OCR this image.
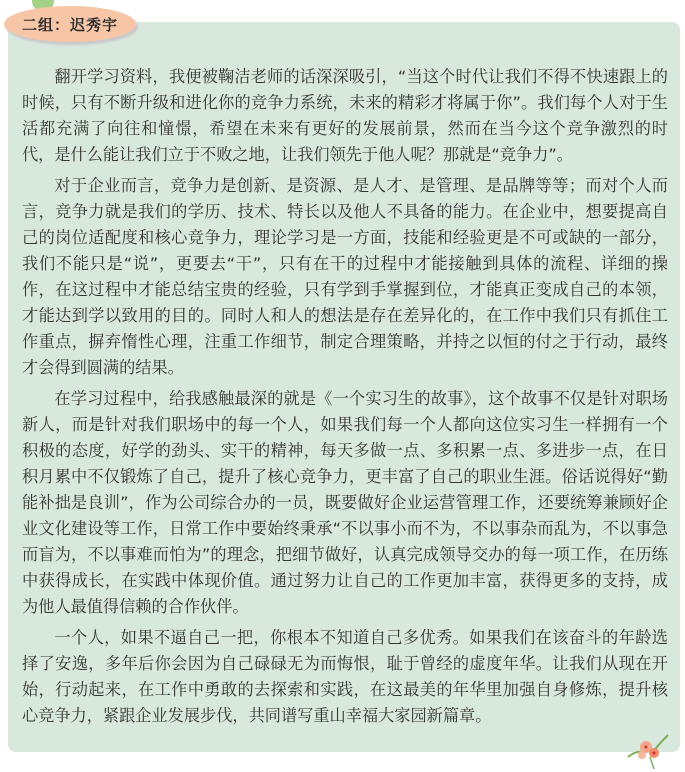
二组：迟秀宇

翻开学习资料，我便被鞠洁老师的话深深吸引，“当这个时代让我们不得不快速跟上的时候，只有不断升级和进化你的竞争力系统，未来的精彩才将属于你”。我们每个人对于生活都充满了向往和憧憬，希望在未来有更好的发展前景，然而在当今这个竞争激烈的时代，是什么能让我们立于不败之地，让我们领先于他人呢？那就是“竞争力”。

对于企业而言，竞争力是创新、是资源、是人才、是管理、是品牌等等；而对个人而言，竞争力就是我们的学历、技术、特长以及他人不具备的能力。在企业中，想要提高自己的岗位适配度和核心竞争力，理论学习是一方面，技能和经验更是不可或缺的一部分，我们不能只是“说”，更要去“干”，只有在干的过程中才能接触到具体的流程、详细的操作，在这过程中才能总结宝贵的经验，只有学到手掌握到位，才能真正变成自己的本领，才能达到学以致用的目的。同时人和人的想法是存在差异化的，在工作中我们只有抓住工作重点，摒弃惰性心理，注重工作细节，制定合理策略，并持之以恒的付之于行动，最终才会得到圆满的结果。

在学习过程中，给我感触最深的就是《一个实习生的故事》，这个故事不仅是针对职场新人，而是针对我们职场中的每一个人，如果我们每一个人都向这位实习生一样拥有一个积极的态度，好学的劲头、实干的精神，每天多做一点、多积累一点、多进步一点，在日积月累中不仅锻炼了自己，提升了核心竞争力，更丰富了自己的职业生涯。俗话说得好“勤能补拙是良训”，作为公司综合办的一员，既要做好企业运营管理工作，还要统筹兼顾好企业文化建设等工作，日常工作中要始终秉承“不以事小而不为，不以事杂而乱为，不以事急而盲为，不以事难而怕为”的理念，把细节做好，认真完成领导交办的每一项工作，在历练中获得成长，在实践中体现价值。通过努力让自己的工作更加丰富，获得更多的支持，成为他人最值得信赖的合作伙伴。

一个人，如果不逼自己一把，你根本不知道自己多优秀。如果我们在该奋斗的年龄选择了安逸，多年后你会因为自己碌碌无为而悔恨，耻于曾经的虚度年华。让我们从现在开始，行动起来，在工作中勇敢的去探索和实践，在这最美的年华里加强自身修炼，提升核心竞争力，紧跟企业发展步伐，共同谱写重山幸福大家园新篇章。
